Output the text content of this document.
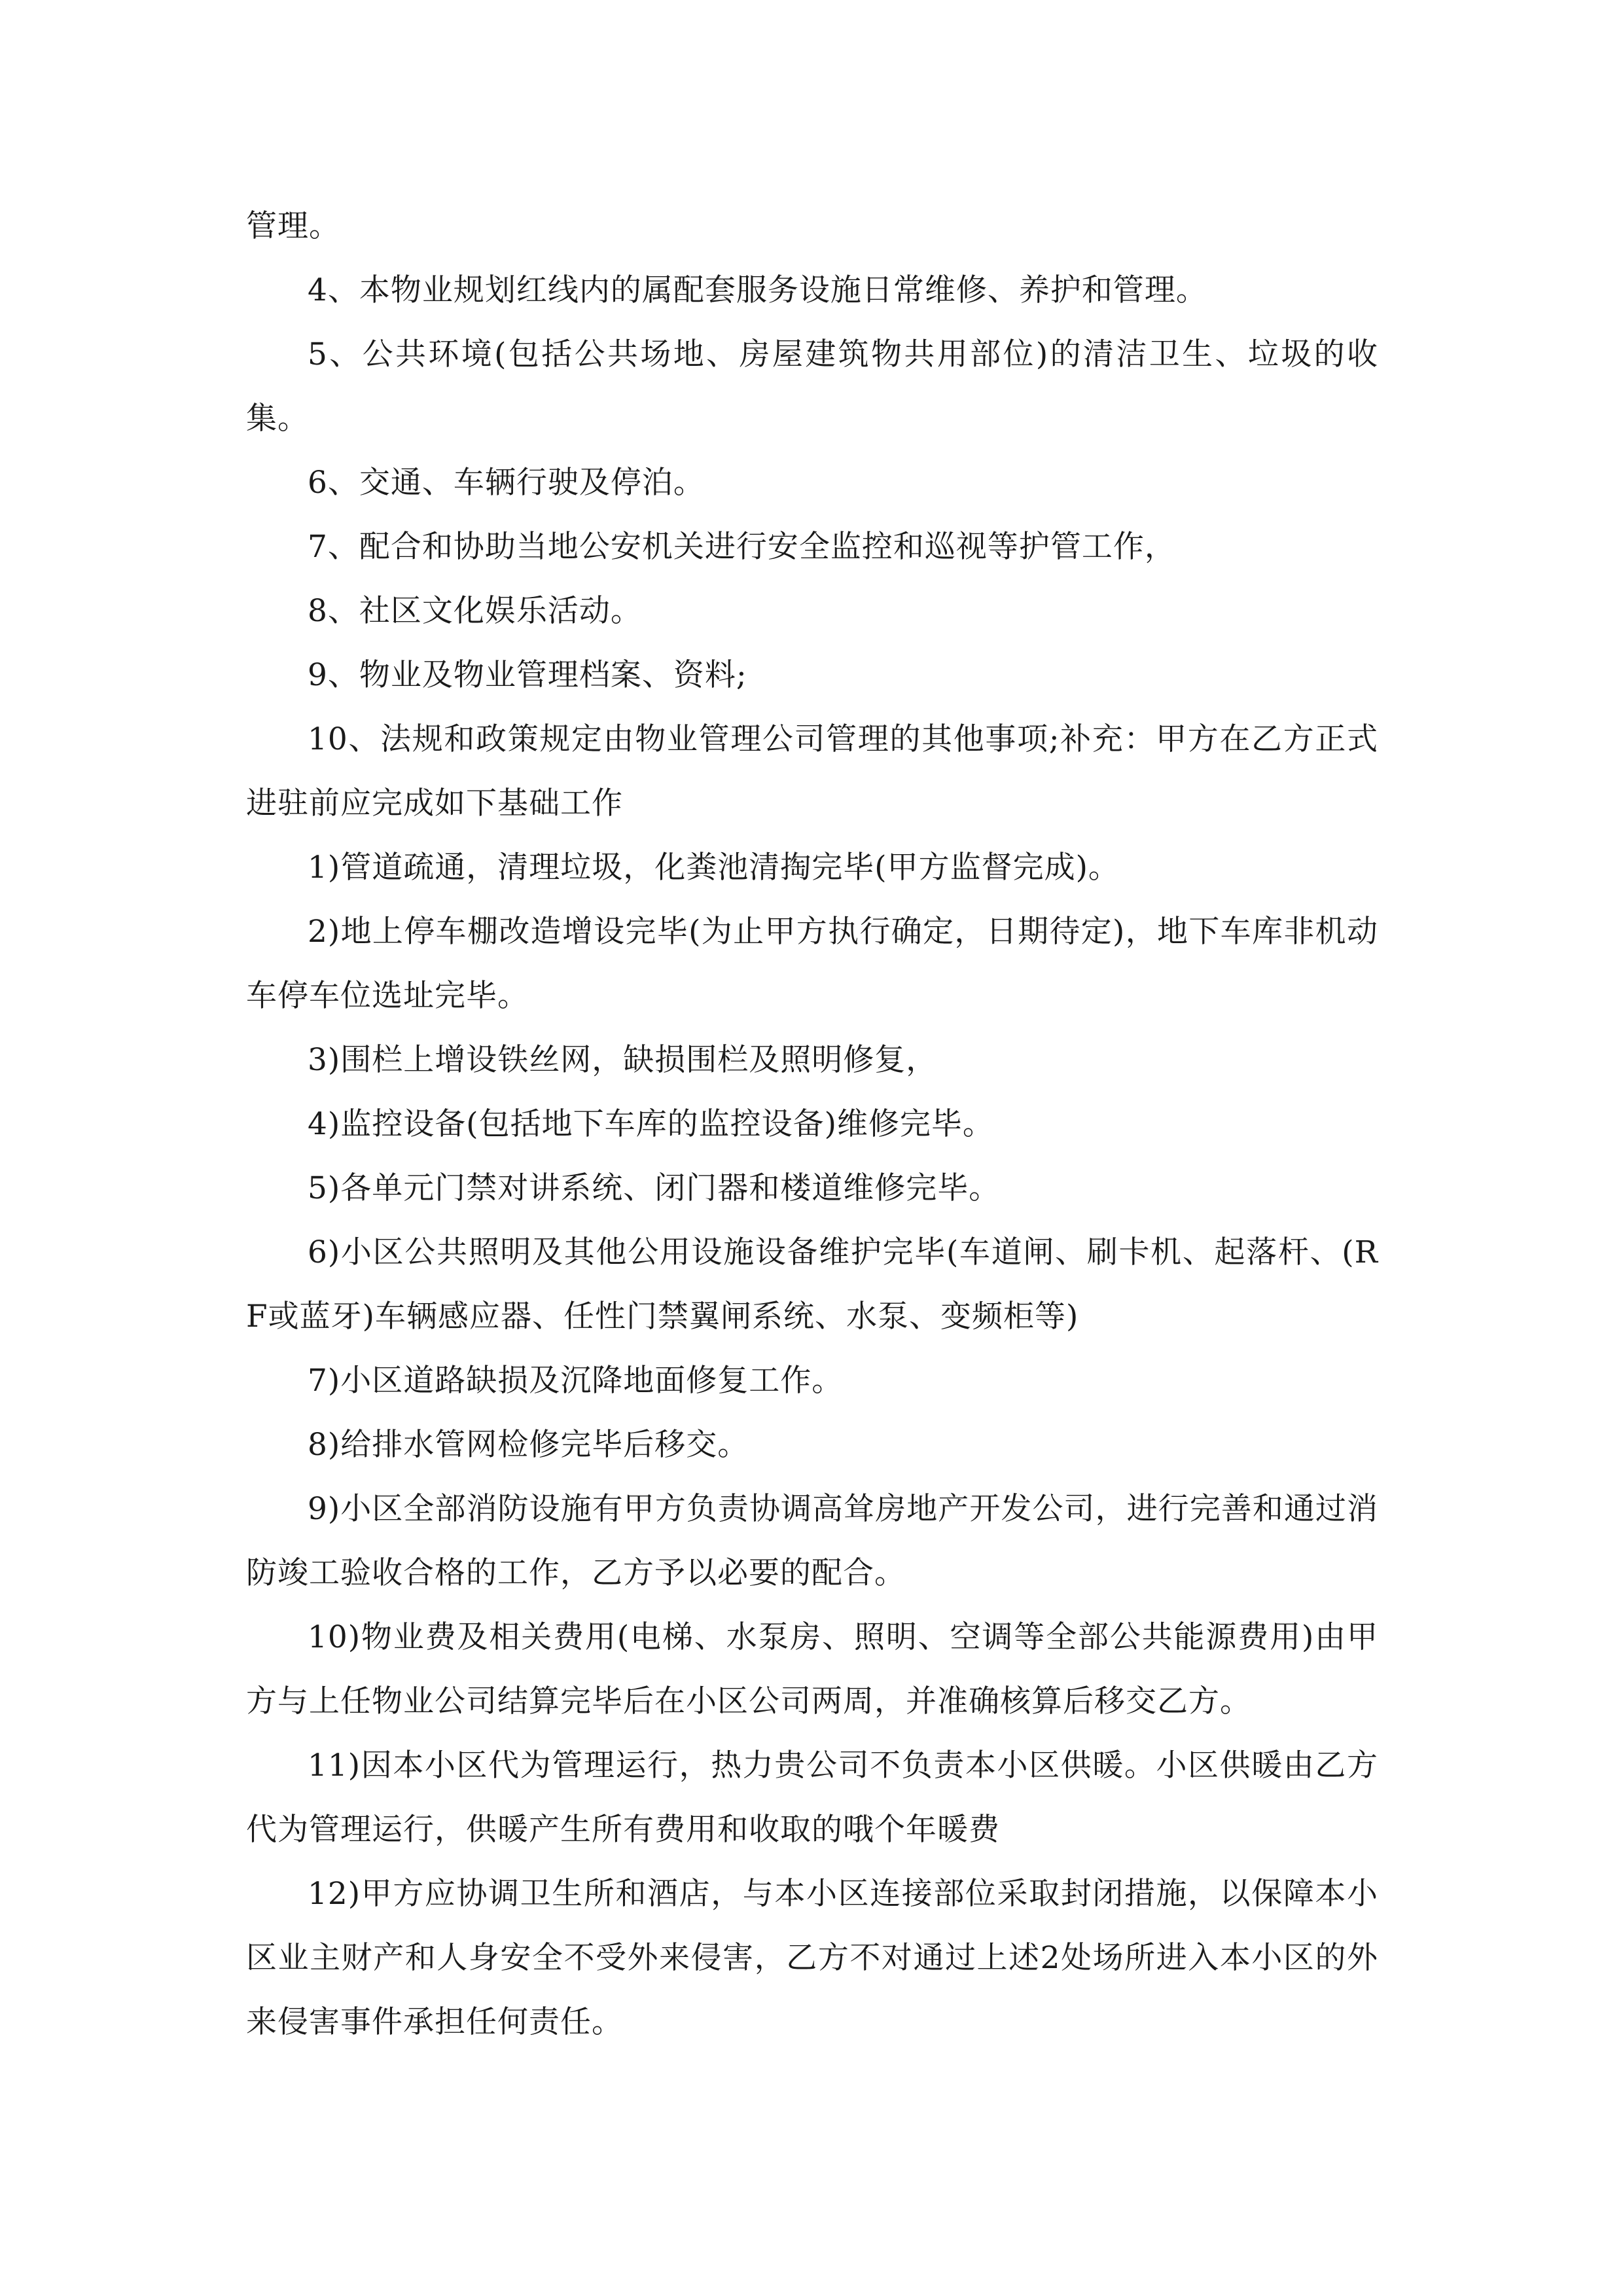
管理。

4、本物业规划红线内的属配套服务设施日常维修、养护和管理。

5、公共环境(包括公共场地、房屋建筑物共用部位)的清洁卫生、垃圾的收集。

6、交通、车辆行驶及停泊。

7、配合和协助当地公安机关进行安全监控和巡视等护管工作，

8、社区文化娱乐活动。

9、物业及物业管理档案、资料;

10、法规和政策规定由物业管理公司管理的其他事项;补充：甲方在乙方正式进驻前应完成如下基础工作

1)管道疏通，清理垃圾，化粪池清掏完毕(甲方监督完成)。

2)地上停车棚改造增设完毕(为止甲方执行确定，日期待定)，地下车库非机动车停车位选址完毕。

3)围栏上增设铁丝网，缺损围栏及照明修复，

4)监控设备(包括地下车库的监控设备)维修完毕。

5)各单元门禁对讲系统、闭门器和楼道维修完毕。

6)小区公共照明及其他公用设施设备维护完毕(车道闸、刷卡机、起落杆、(RF或蓝牙)车辆感应器、任性门禁翼闸系统、水泵、变频柜等)

7)小区道路缺损及沉降地面修复工作。

8)给排水管网检修完毕后移交。

9)小区全部消防设施有甲方负责协调高耸房地产开发公司，进行完善和通过消防竣工验收合格的工作，乙方予以必要的配合。

10)物业费及相关费用(电梯、水泵房、照明、空调等全部公共能源费用)由甲方与上任物业公司结算完毕后在小区公司两周，并准确核算后移交乙方。

11)因本小区代为管理运行，热力贵公司不负责本小区供暖。小区供暖由乙方代为管理运行，供暖产生所有费用和收取的哦个年暖费

12)甲方应协调卫生所和酒店，与本小区连接部位采取封闭措施，以保障本小区业主财产和人身安全不受外来侵害，乙方不对通过上述2处场所进入本小区的外来侵害事件承担任何责任。
